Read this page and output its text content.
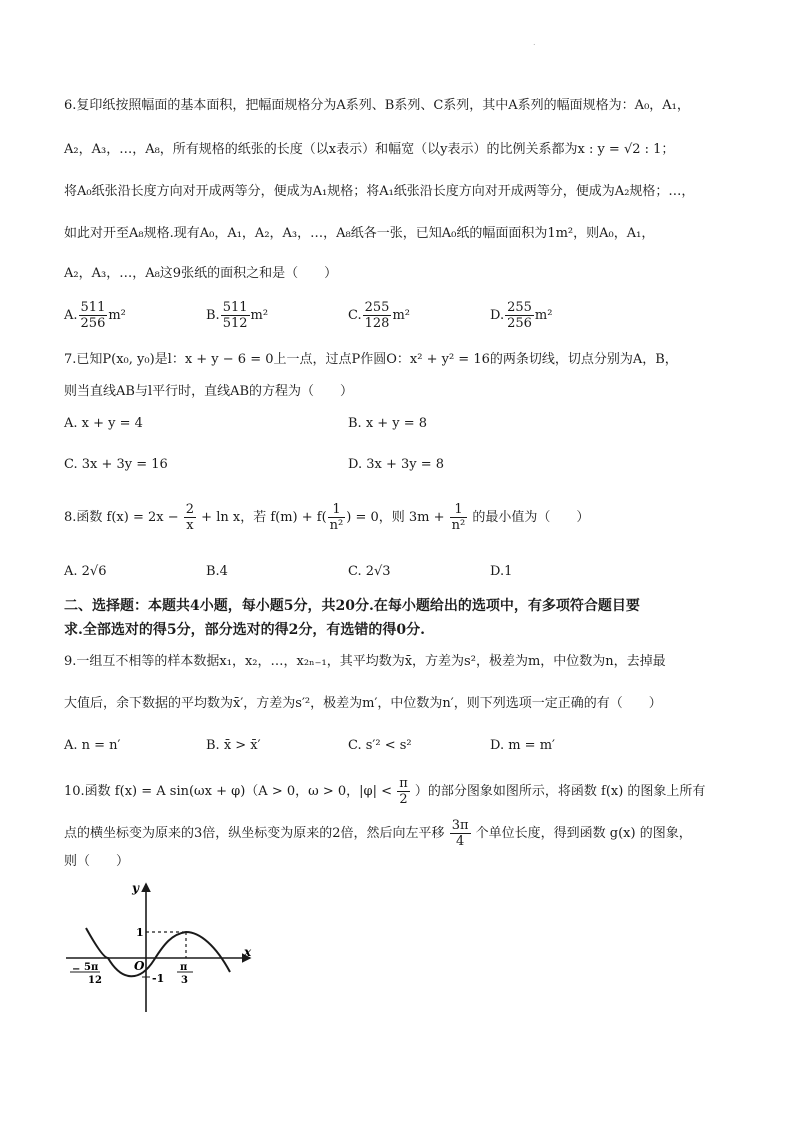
.
6.复印纸按照幅面的基本面积，把幅面规格分为A系列、B系列、C系列，其中A系列的幅面规格为：A₀，A₁，
A₂，A₃，…，A₈，所有规格的纸张的长度（以x表示）和幅宽（以y表示）的比例关系都为x : y = √2 : 1；
将A₀纸张沿长度方向对开成两等分，便成为A₁规格；将A₁纸张沿长度方向对开成两等分，便成为A₂规格；…，
如此对开至A₈规格.现有A₀，A₁，A₂，A₃，…，A₈纸各一张，已知A₀纸的幅面面积为1m²，则A₀，A₁，
A₂，A₃，…，A₈这9张纸的面积之和是（　　）
A. $\frac{511}{256} m^2$	B. $\frac{511}{512} m^2$	C. $\frac{255}{128} m^2$	D. $\frac{255}{256} m^2$
7.已知P(x₀, y₀)是l：x + y − 6 = 0上一点，过点P作圆O：x² + y² = 16的两条切线，切点分别为A，B，
则当直线AB与l平行时，直线AB的方程为（　　）
A. x + y = 4	B. x + y = 8
C. 3x + 3y = 16	D. 3x + 3y = 8
8.函数 $f(x) = 2x - \frac{2}{x} + \ln x$，若 $f(m) + f( \frac{1}{\text{n²}}$ ) = 0，则 $3m + \frac{1}{\text{n²}}$ 的最小值为（　　）
A. 2√6	B.4	C. 2√3	D.1
二、选择题：本题共4小题，每小题5分，共20分.在每小题给出的选项中，有多项符合题目要
求.全部选对的得5分，部分选对的得2分，有选错的得0分.
9.一组互不相等的样本数据x₁，x₂，…，x₂ₙ₋₁，其平均数为x̄，方差为s²，极差为m，中位数为n，去掉最
大值后，余下数据的平均数为x̄′，方差为s′²，极差为m′，中位数为n′，则下列选项一定正确的有（　　）
A. n = n′	B. x̄ > x̄′	C. s′² < s²	D. m = m′
10.函数 f(x) = A sin(ωx + φ)（A > 0，ω > 0，$|\varphi| < \frac{\pi}{2}$ ）的部分图象如图所示，将函数 f(x) 的图象上所有
点的横坐标变为原来的3倍，纵坐标变为原来的2倍，然后向左平移 $\frac{3\pi}{4}$ 个单位长度，得到函数 g(x) 的图象，
则（　　）
y
x
O
1
-1
5π
12
−	π
3
